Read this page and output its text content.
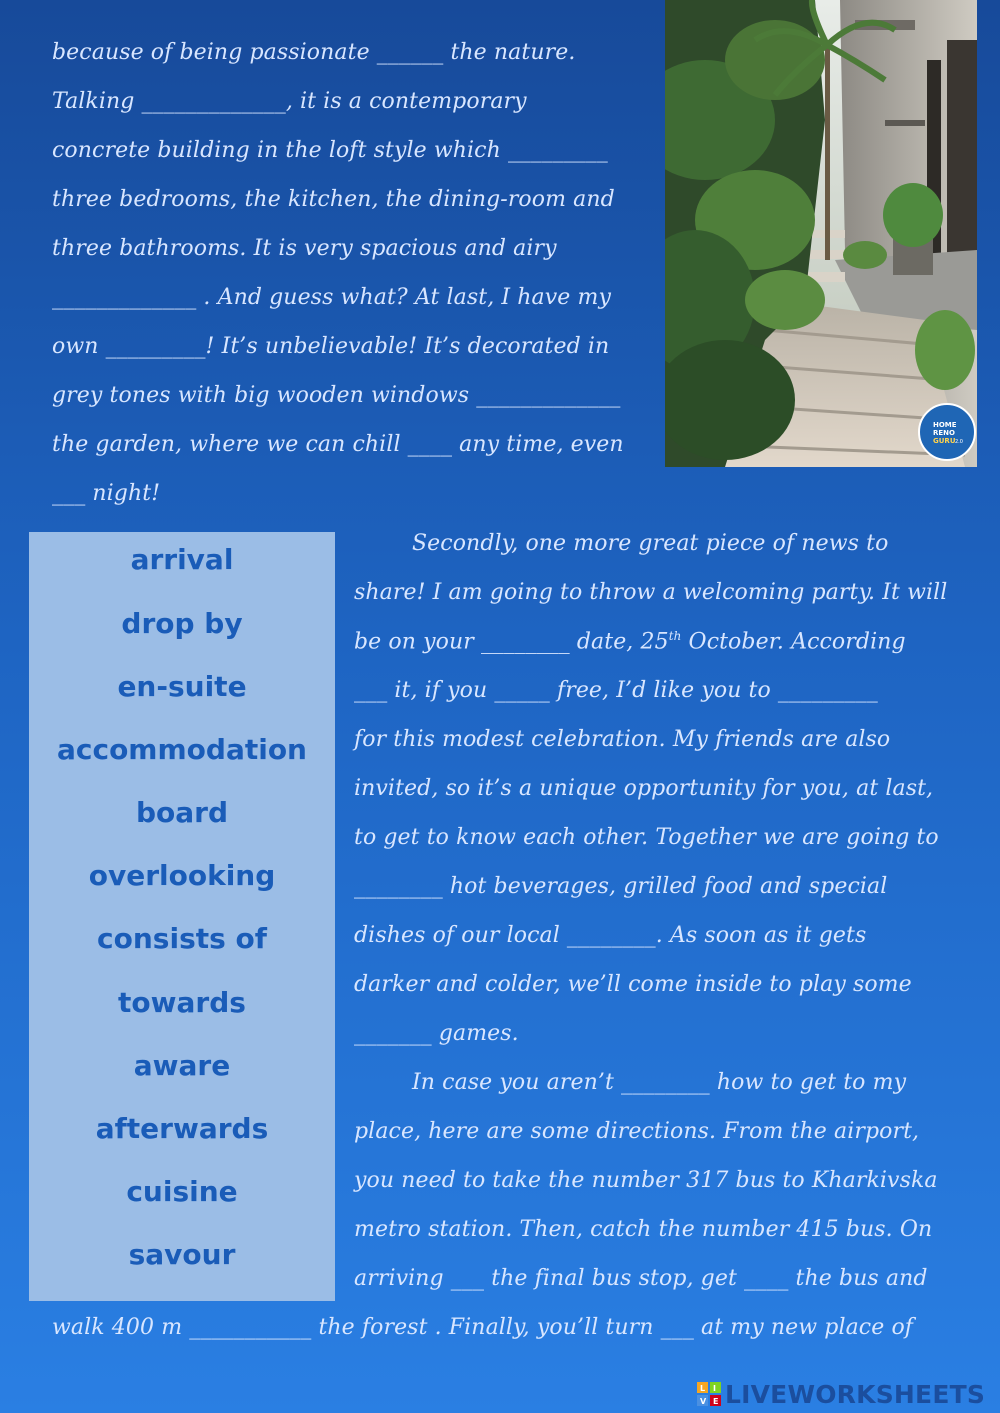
because of being passionate ______ the nature.
Talking _____________, it is a contemporary
concrete building in the loft style which _________
three bedrooms, the kitchen, the dining-room and
three bathrooms. It is very spacious and airy
_____________ . And guess what? At last, I have my
own _________! It’s unbelievable! It’s decorated in
grey tones with big wooden windows _____________
the garden, where we can chill ____ any time, even
___ night!
HOME
RENO
GURU 2.0
arrival
drop by
en-suite
accommodation
board
overlooking
consists of
towards
aware
afterwards
cuisine
savour
Secondly, one more great piece of news to
share! I am going to throw a welcoming party. It will
be on your ________ date, 25th October. According
___ it, if you _____ free, I’d like you to _________
for this modest celebration. My friends are also
invited, so it’s a unique opportunity for you, at last,
to get to know each other. Together we are going to
________ hot beverages, grilled food and special
dishes of our local ________. As soon as it gets
darker and colder, we’ll come inside to play some
_______ games.
In case you aren’t ________ how to get to my
place, here are some directions. From the airport,
you need to take the number 317 bus to Kharkivska
metro station. Then, catch the number 415 bus. On
arriving ___ the final bus stop, get ____ the bus and
walk 400 m ___________ the forest . Finally, you’ll turn ___ at my new place of
L I
V E LIVEWORKSHEETS
